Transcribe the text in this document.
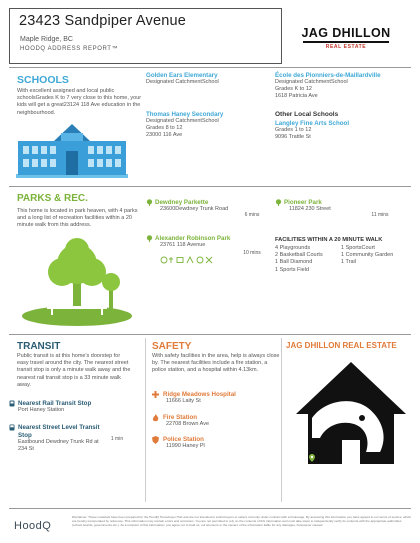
23423 Sandpiper Avenue
Maple Ridge, BC
HOODQ ADDRESS REPORT™
JAG DHILLON
REAL ESTATE
SCHOOLS
With excellent assigned and local public schoolsGrades K to 7 very close to this home, your kids will get a great23124 118 Ave education in the neighbourhood.
Golden Ears Elementary
Designated CatchmentSchool
École des Pionniers-de-Maillardville
Designated CatchmentSchool
Grades K to 12
1618 Patricia Ave
Thomas Haney Secondary
Designated CatchmentSchool
Grades 8 to 12
23000 116 Ave
Other Local Schools
Langley Fine Arts School
Grades 1 to 12
9096 Trattle St
PARKS & REC.
This home is located in park heaven, with 4 parks and a long list of recreation facilities within a 20 minute walk from this address.
Dewdney Parkette
23600Dewdney Trunk Road
6 mins
Pioneer Park
11824 230 Street
11 mins
Alexander Robinson Park
23761 118 Avenue
10 mins
FACILITIES WITHIN A 20 MINUTE WALK
4 Playgrounds
2 Basketball Courts
1 Ball Diamond
1 Sports Field
1 SportsCourt
1 Community Garden
1 Trail
TRANSIT
Public transit is at this home's doorstep for easy travel around the city. The nearest street transit stop is only a minute walk away and the nearest rail transit stop is a 33 minute walk away.
Nearest Rail Transit Stop
Port Haney Station
Nearest Street Level Transit Stop
Eastbound Dewdney Trunk Rd at 234 St
1 min
SAFETY
With safety facilities in the area, help is always close by. The nearest facilities include a fire station, a police station, and a hospital within 4.13km.
Ridge Meadows Hospital
11666 Laity St
Fire Station
22708 Brown Ave
Police Station
11990 Haney Pl
JAG DHILLON REAL ESTATE
HoodQ
Disclaimer: These materials have been prepared for the HoodQ Homebuyer Hub and are not intended to solicit buyers or sellers currently under contract with a brokerage. By accessing this information you have agreed to our terms of service, which are hereby incorporated by reference. This information may contain errors and omissions. You are not permitted to rely on the contents of this information and must take steps to independently verify its contents with the appropriate authorities (school boards, governments etc.). As a recipient of this information, you agree not to hold us, our licensors or the owners of the information liable for any damages, howsoever caused.
